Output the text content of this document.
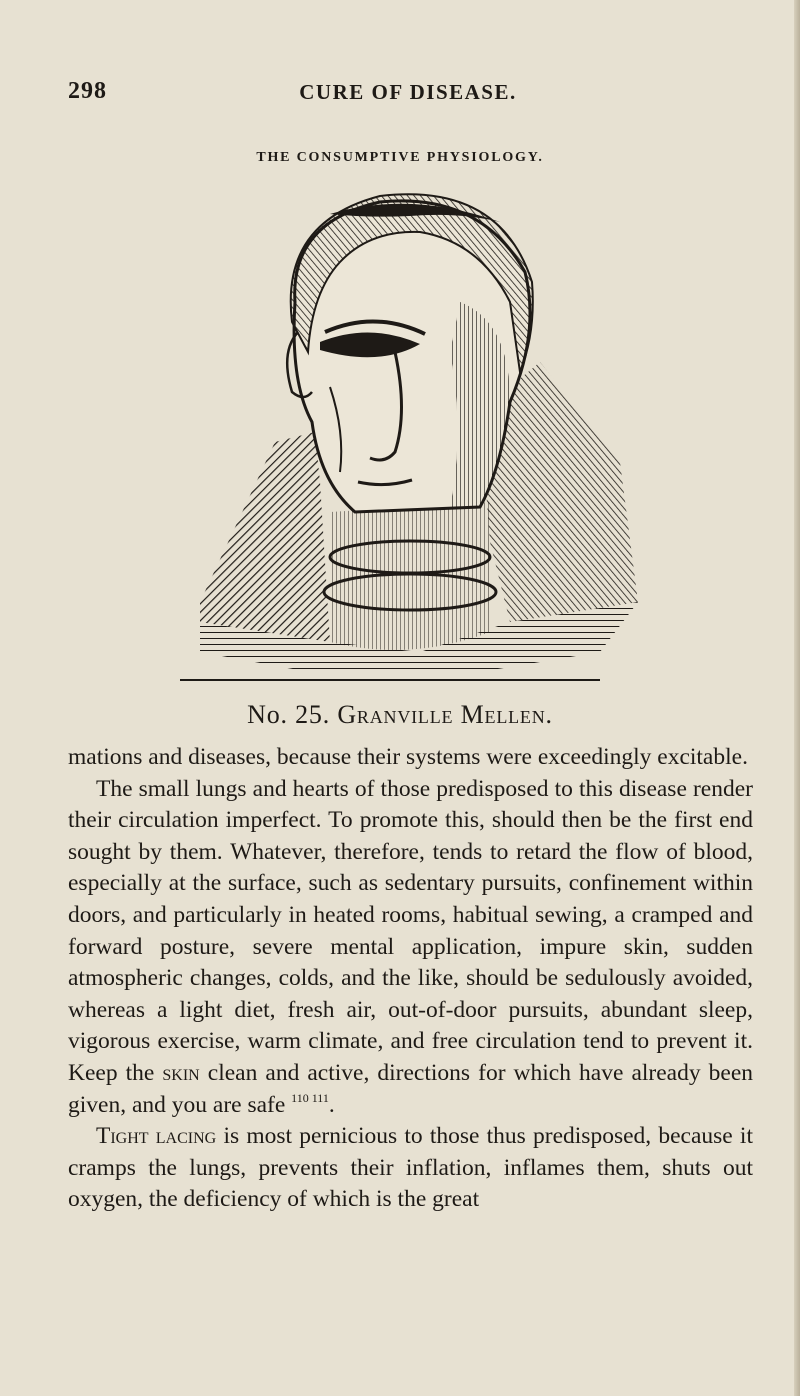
298	CURE OF DISEASE.
THE CONSUMPTIVE PHYSIOLOGY.
No. 25. Granville Mellen.

mations and diseases, because their systems were exceedingly excitable.

The small lungs and hearts of those predisposed to this disease render their circulation imperfect. To promote this, should then be the first end sought by them. Whatever, therefore, tends to retard the flow of blood, especially at the surface, such as sedentary pursuits, confinement within doors, and particularly in heated rooms, habitual sewing, a cramped and forward posture, severe mental application, impure skin, sudden atmospheric changes, colds, and the like, should be sedulously avoided, whereas a light diet, fresh air, out-of-door pursuits, abundant sleep, vigorous exercise, warm climate, and free circulation tend to prevent it. Keep the skin clean and active, directions for which have already been given, and you are safe $^{110 111}$.

Tight lacing is most pernicious to those thus predisposed, because it cramps the lungs, prevents their inflation, inflames them, shuts out oxygen, the deficiency of which is the great
